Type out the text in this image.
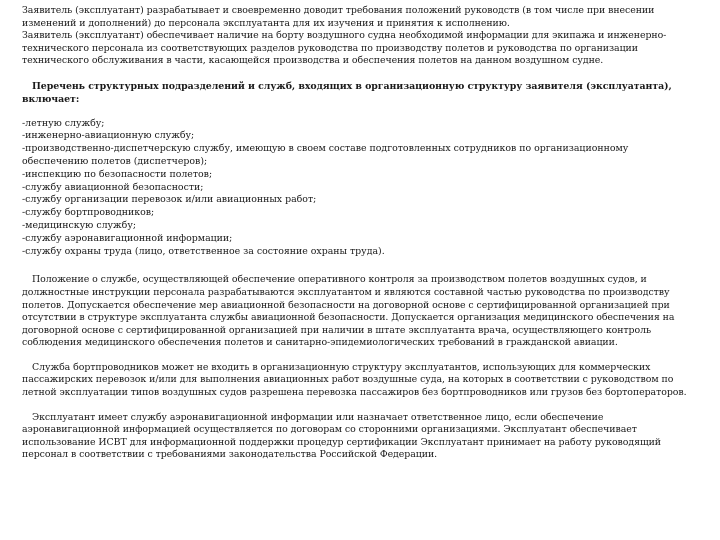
Заявитель (эксплуатант) разрабатывает и своевременно доводит требования положений руководств (в том числе при внесении
изменений и дополнений) до персонала эксплуатанта для их изучения и принятия к исполнению.
Заявитель (эксплуатант) обеспечивает наличие на борту воздушного судна необходимой информации для экипажа и инженерно-
технического персонала из соответствующих разделов руководства по производству полетов и руководства по организации
технического обслуживания в части, касающейся производства и обеспечения полетов на данном воздушном судне.
Перечень структурных подразделений и служб, входящих в организационную структуру заявителя (эксплуатанта),
включает:
-летную службу;
-инженерно-авиационную службу;
-производственно-диспетчерскую службу, имеющую в своем составе подготовленных сотрудников по организационному
обеспечению полетов (диспетчеров);
-инспекцию по безопасности полетов;
-службу авиационной безопасности;
-службу организации перевозок и/или авиационных работ;
-службу бортпроводников;
-медицинскую службу;
-службу аэронавигационной информации;
-службу охраны труда (лицо, ответственное за состояние охраны труда).
Положение о службе, осуществляющей обеспечение оперативного контроля за производством полетов воздушных судов, и
должностные инструкции персонала разрабатываются эксплуатантом и являются составной частью руководства по производству
полетов. Допускается обеспечение мер авиационной безопасности на договорной основе с сертифицированной организацией при
отсутствии в структуре эксплуатанта службы авиационной безопасности. Допускается организация медицинского обеспечения на
договорной основе с сертифицированной организацией при наличии в штате эксплуатанта врача, осуществляющего контроль
соблюдения медицинского обеспечения полетов и санитарно-эпидемиологических требований в гражданской авиации.
Служба бортпроводников может не входить в организационную структуру эксплуатантов, использующих для коммерческих
пассажирских перевозок и/или для выполнения авиационных работ воздушные суда, на которых в соответствии с руководством по
летной эксплуатации типов воздушных судов разрешена перевозка пассажиров без бортпроводников или грузов без бортоператоров.
Эксплуатант имеет службу аэронавигационной информации или назначает ответственное лицо, если обеспечение
аэронавигационной информацией осуществляется по договорам со сторонними организациями. Эксплуатант обеспечивает
использование ИСВТ для информационной поддержки процедур сертификации Эксплуатант принимает на работу руководящий
персонал в соответствии с требованиями законодательства Российской Федерации.
